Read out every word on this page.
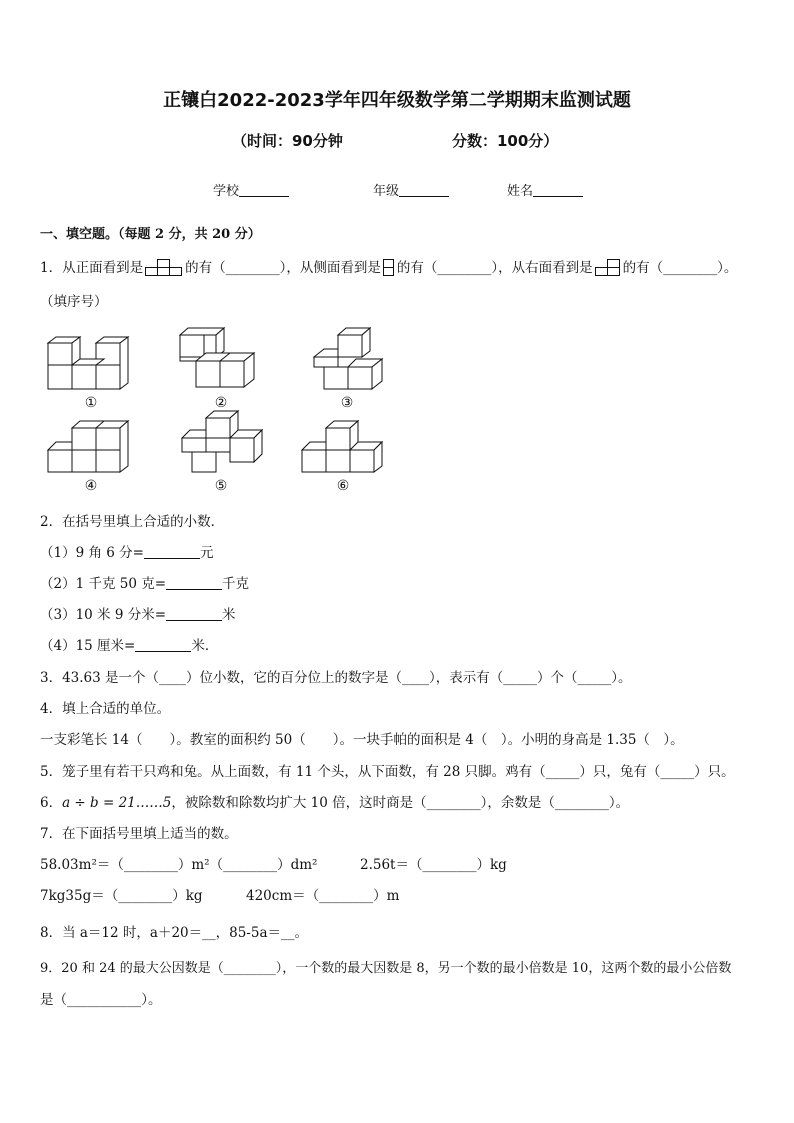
正镶白2022-2023学年四年级数学第二学期期末监测试题
（时间：90分钟	分数：100分）
学校	年级	姓名
一、填空题。（每题 2 分，共 20 分）
1．从正面看到是	的有（________），从侧面看到是 的有（________），从右面看到是 的有（________）。
（填序号）
①	②	③
④	⑤	⑥
2．在括号里填上合适的小数．
（1）9 角 6 分=	元
（2）1 千克 50 克=	千克
（3）10 米 9 分米=	米
（4）15 厘米=	米．
3．43.63 是一个（____）位小数，它的百分位上的数字是（____），表示有（_____）个（_____）。
4．填上合适的单位。
一支彩笔长 14（　　）。教室的面积约 50（　　）。一块手帕的面积是 4（　）。小明的身高是 1.35（　）。
5．笼子里有若干只鸡和兔。从上面数，有 11 个头，从下面数，有 28 只脚。鸡有（_____）只，兔有（_____）只。
6．a ÷ b = 21……5，被除数和除数均扩大 10 倍，这时商是（________），余数是（________）。
7．在下面括号里填上适当的数。
58.03m²＝（________）m²（________）dm²	2.56t＝（________）kg
7kg35g＝（________）kg	420cm＝（________）m
8．当 a＝12 时，a＋20＝__，85-5a＝__。
9．20 和 24 的最大公因数是（________），一个数的最大因数是 8，另一个数的最小倍数是 10，这两个数的最小公倍数
是（___________）。
